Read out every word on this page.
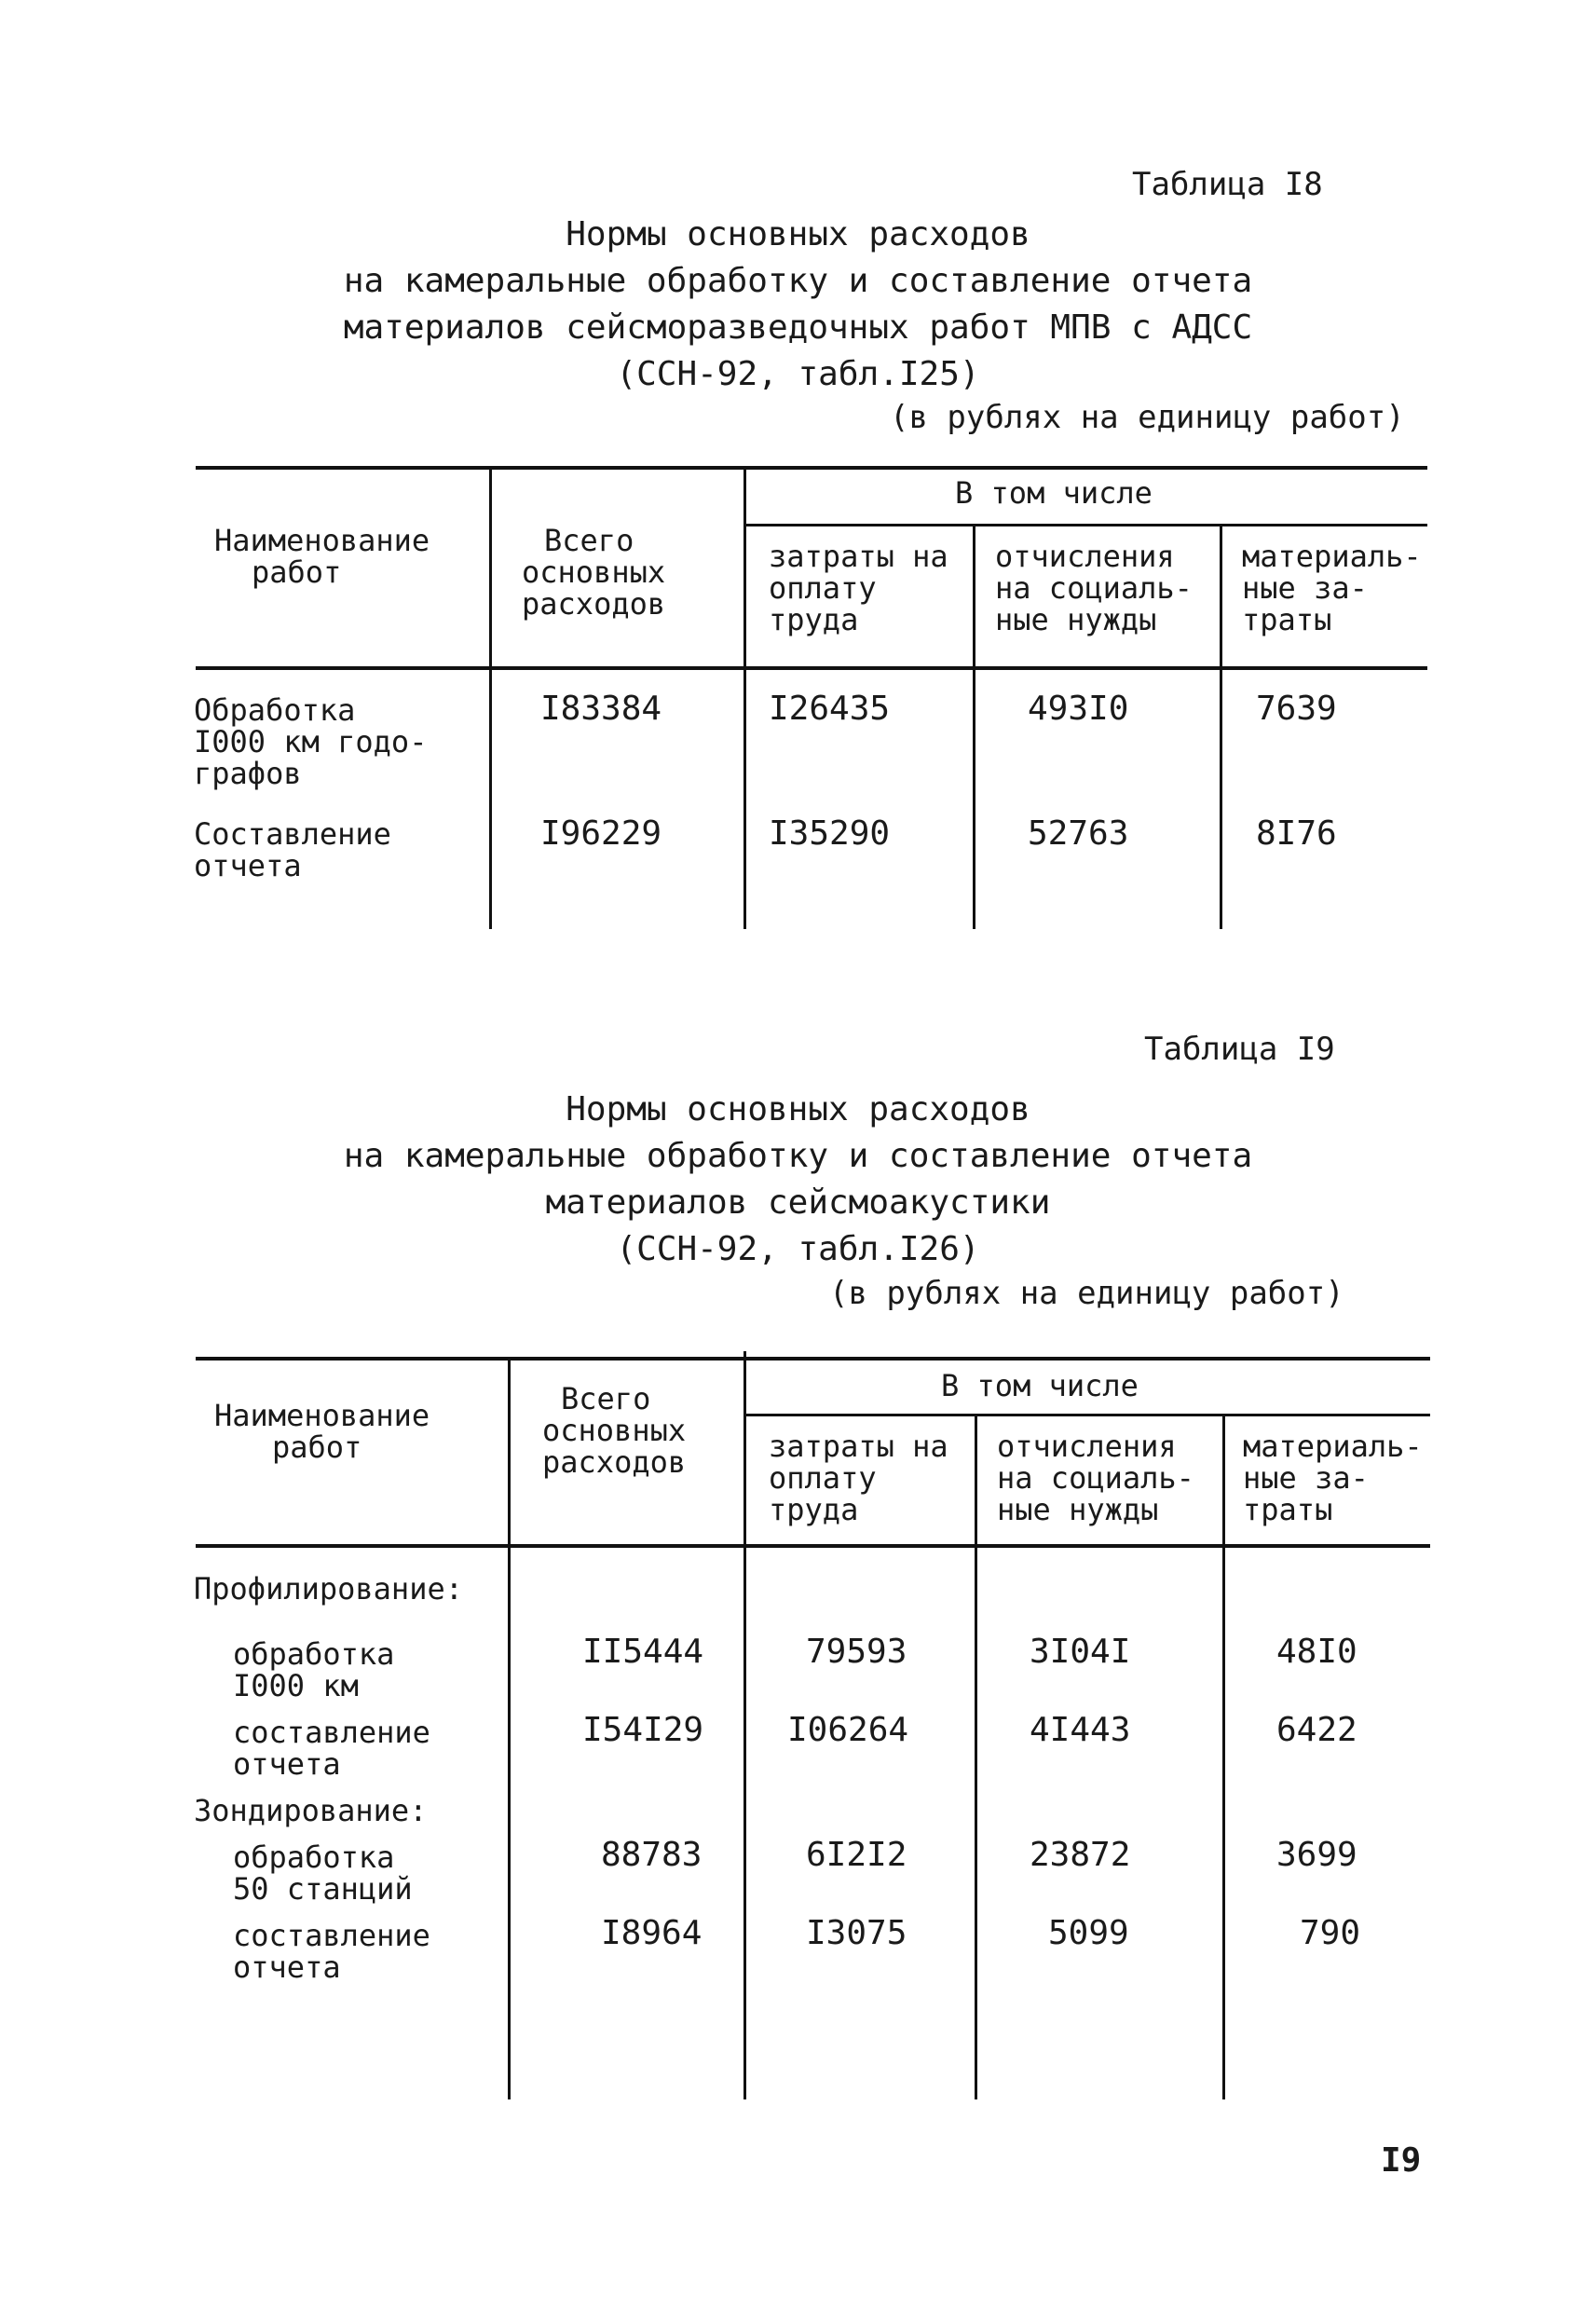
Таблица I8
Нормы основных расходов
на камеральные обработку и составление отчета
материалов сейсморазведочных работ МПВ с АДСС
(ССН-92, табл.I25)
(в рублях на единицу работ)
Наименование
работ
Всего
основных
расходов
В том числе
затраты на
оплату
труда
отчисления
на социаль-
ные нужды
материаль-
ные за-
траты
Обработка
I000 км годо-
графов
I83384	I26435	493I0	7639
Составление
отчета
I96229	I35290	52763	8I76
Таблица I9
Нормы основных расходов
на камеральные обработку и составление отчета
материалов сейсмоакустики
(ССН-92, табл.I26)
(в рублях на единицу работ)
Наименование
работ
Всего
основных
расходов
В том числе
затраты на
оплату
труда
отчисления
на социаль-
ные нужды
материаль-
ные за-
траты
Профилирование:
обработка
I000 км
II5444	79593	3I04I	48I0
составление
отчета
I54I29 I06264	4I443	6422
Зондирование:
обработка
50 станций
88783	6I2I2	23872	3699
составление
отчета
I8964	I3075	5099	790
I9
